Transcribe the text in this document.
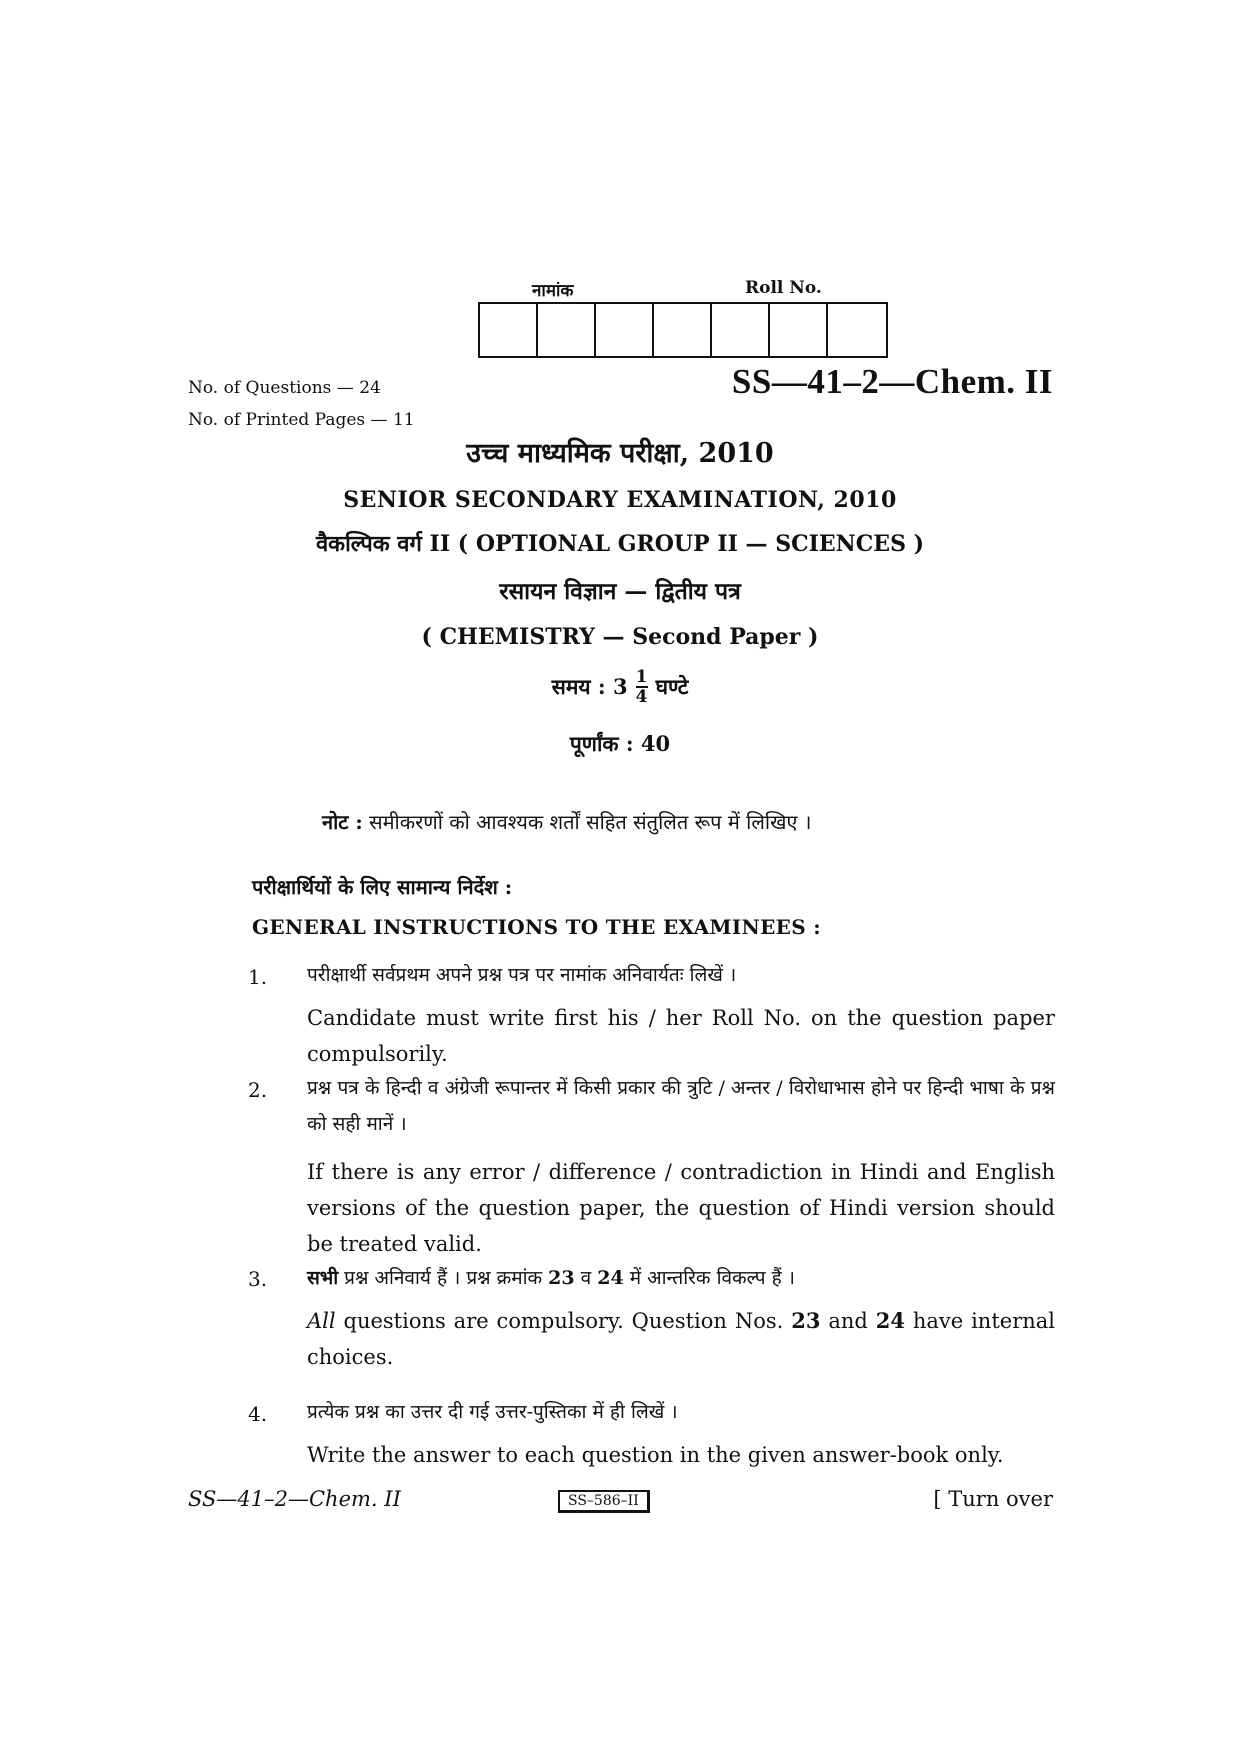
नामांक	Roll No.
No. of Questions — 24
No. of Printed Pages — 11
SS—41–2—Chem. II
उच्च माध्यमिक परीक्षा, 2010
SENIOR SECONDARY EXAMINATION, 2010
वैकल्पिक वर्ग II ( OPTIONAL GROUP II — SCIENCES )
रसायन विज्ञान — द्वितीय पत्र
( CHEMISTRY — Second Paper )
समय : $3 \frac{1}{4}$ घण्टे
पूर्णांक : 40
नोट : समीकरणों को आवश्यक शर्तों सहित संतुलित रूप में लिखिए ।
परीक्षार्थियों के लिए सामान्य निर्देश :
GENERAL INSTRUCTIONS TO THE EXAMINEES :
1. परीक्षार्थी सर्वप्रथम अपने प्रश्न पत्र पर नामांक अनिवार्यतः लिखें ।
Candidate must write first his / her Roll No. on the question paper compulsorily.
2. प्रश्न पत्र के हिन्दी व अंग्रेजी रूपान्तर में किसी प्रकार की त्रुटि / अन्तर / विरोधाभास होने पर हिन्दी भाषा के प्रश्न को सही मानें ।
If there is any error / difference / contradiction in Hindi and English versions of the question paper, the question of Hindi version should be treated valid.
3. सभी प्रश्न अनिवार्य हैं । प्रश्न क्रमांक 23 व 24 में आन्तरिक विकल्प हैं ।
All questions are compulsory. Question Nos. 23 and 24 have internal choices.
4. प्रत्येक प्रश्न का उत्तर दी गई उत्तर-पुस्तिका में ही लिखें ।
Write the answer to each question in the given answer-book only.
SS—41–2—Chem. II	SS–586–II	[ Turn over
